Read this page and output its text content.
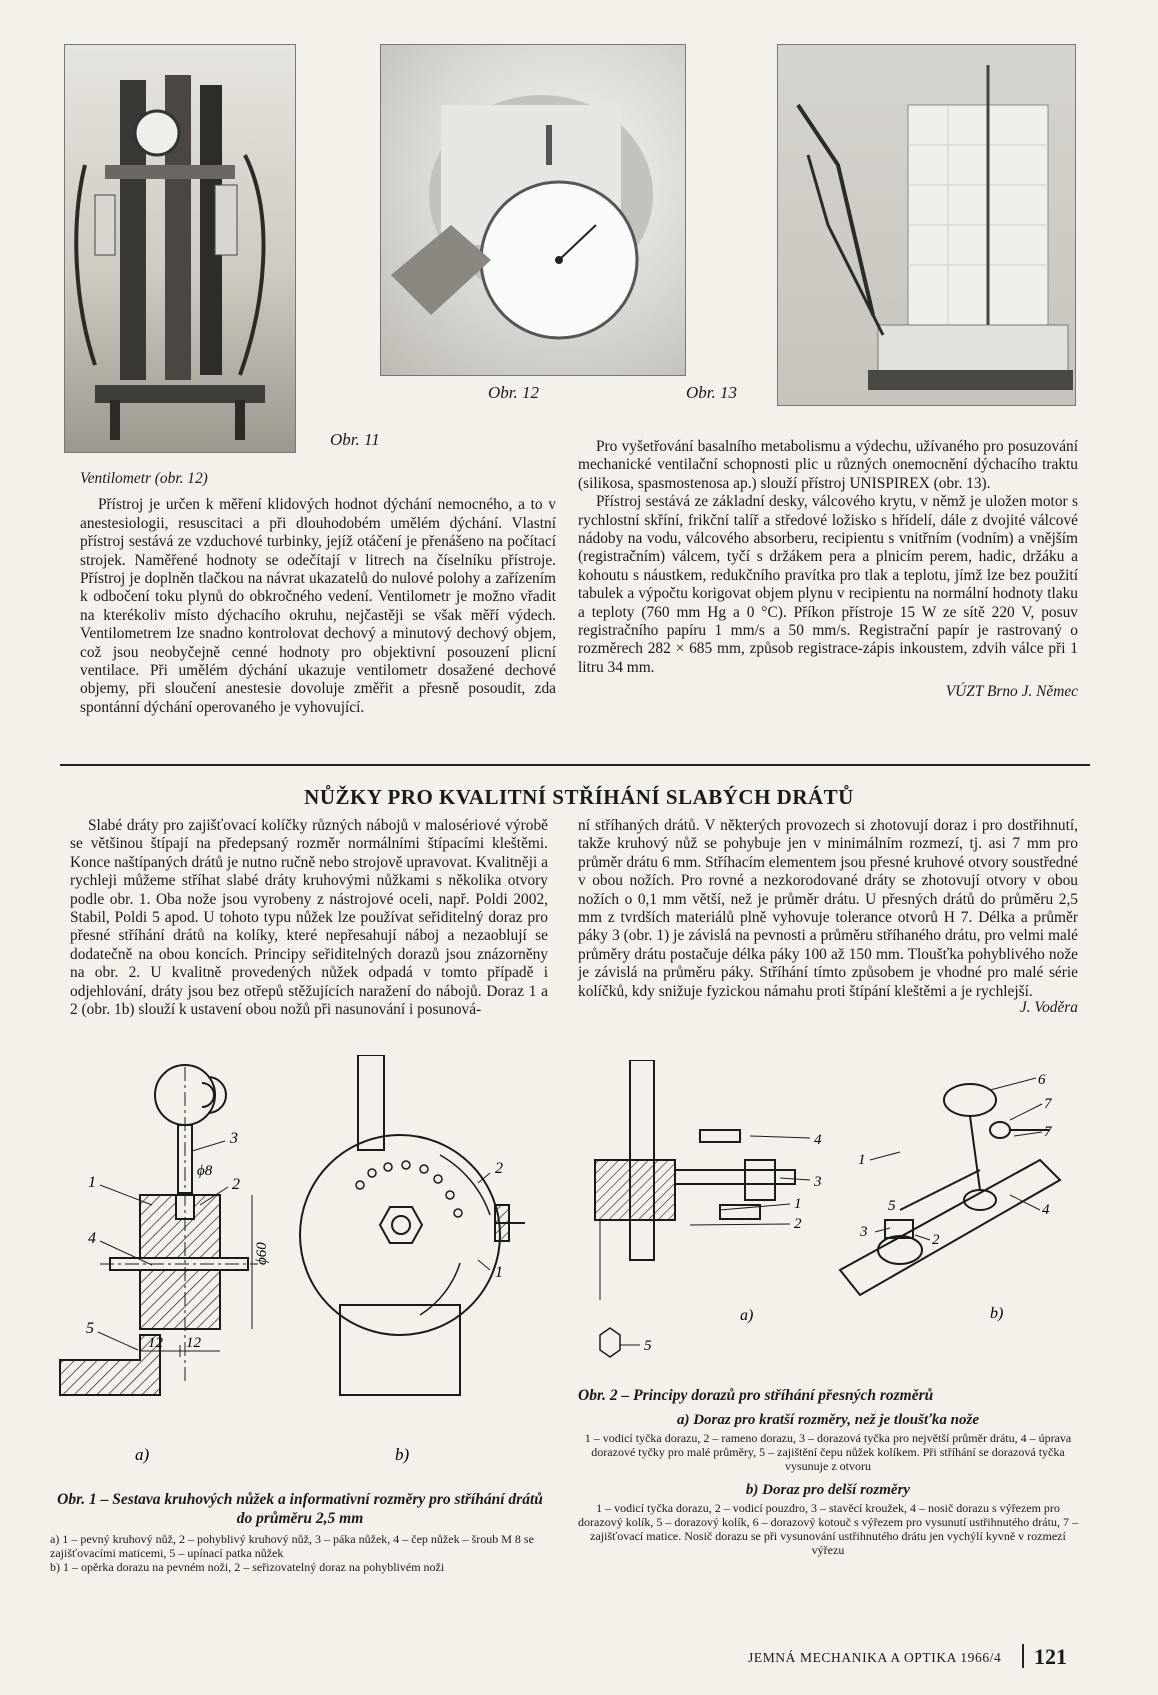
Obr. 11
Obr. 12	Obr. 13

Ventilometr (obr. 12)

Přístroj je určen k měření klidových hodnot dýchání nemocného, a to v anestesiologii, resuscitaci a při dlouhodobém umělém dýchání. Vlastní přístroj sestává ze vzduchové turbinky, jejíž otáčení je přenášeno na počítací strojek. Naměřené hodnoty se odečítají v litrech na číselníku přístroje. Přístroj je doplněn tlačkou na návrat ukazatelů do nulové polohy a zařízením k odbočení toku plynů do obkročného vedení. Ventilometr je možno vřadit na kterékoliv místo dýchacího okruhu, nejčastěji se však měří výdech. Ventilometrem lze snadno kontrolovat dechový a minutový dechový objem, což jsou neobyčejně cenné hodnoty pro objektivní posouzení plicní ventilace. Při umělém dýchání ukazuje ventilometr dosažené dechové objemy, při sloučení anestesie dovoluje změřit a přesně posoudit, zda spontánní dýchání operovaného je vyhovující.

Pro vyšetřování basalního metabolismu a výdechu, užívaného pro posuzování mechanické ventilační schopnosti plic u různých onemocnění dýchacího traktu (silikosa, spasmostenosa ap.) slouží přístroj UNISPIREX (obr. 13).

Přístroj sestává ze základní desky, válcového krytu, v němž je uložen motor s rychlostní skříní, frikční talíř a středové ložisko s hřídelí, dále z dvojité válcové nádoby na vodu, válcového absorberu, recipientu s vnitřním (vodním) a vnějším (registračním) válcem, tyčí s držákem pera a plnicím perem, hadic, držáku a kohoutu s náustkem, redukčního pravítka pro tlak a teplotu, jímž lze bez použití tabulek a výpočtu korigovat objem plynu v recipientu na normální hodnoty tlaku a teploty (760 mm Hg a 0 °C). Příkon přístroje 15 W ze sítě 220 V, posuv registračního papíru 1 mm/s a 50 mm/s. Registrační papír je rastrovaný o rozměrech 282 × 685 mm, způsob registrace-zápis inkoustem, zdvih válce při 1 litru 34 mm.

VÚZT Brno J. Němec
NŮŽKY PRO KVALITNÍ STŘÍHÁNÍ SLABÝCH DRÁTŮ

Slabé dráty pro zajišťovací kolíčky různých nábojů v malosériové výrobě se většinou štípají na předepsaný rozměr normálními štípacími kleštěmi. Konce naštípaných drátů je nutno ručně nebo strojově upravovat. Kvalitněji a rychleji můžeme stříhat slabé dráty kruhovými nůžkami s několika otvory podle obr. 1. Oba nože jsou vyrobeny z nástrojové oceli, např. Poldi 2002, Stabil, Poldi 5 apod. U tohoto typu nůžek lze používat seřiditelný doraz pro přesné stříhání drátů na kolíky, které nepřesahují náboj a nezaoblují se dodatečně na obou koncích. Principy seřiditelných dorazů jsou znázorněny na obr. 2. U kvalitně provedených nůžek odpadá v tomto případě i odjehlování, dráty jsou bez otřepů stěžujících naražení do nábojů. Doraz 1 a 2 (obr. 1b) slouží k ustavení obou nožů při nasunování i posunová-

ní stříhaných drátů. V některých provozech si zhotovují doraz i pro dostřihnutí, takže kruhový nůž se pohybuje jen v minimálním rozmezí, tj. asi 7 mm pro průměr drátu 6 mm. Stříhacím elementem jsou přesné kruhové otvory soustředné v obou nožích. Pro rovné a nezkorodované dráty se zhotovují otvory v obou nožích o 0,1 mm větší, než je průměr drátu. U přesných drátů do průměru 2,5 mm z tvrdších materiálů plně vyhovuje tolerance otvorů H 7. Délka a průměr páky 3 (obr. 1) je závislá na pevnosti a průměru stříhaného drátu, pro velmi malé průměry drátu postačuje délka páky 100 až 150 mm. Tloušťka pohyblivého nože je závislá na průměru páky. Stříhání tímto způsobem je vhodné pro malé série kolíčků, kdy snižuje fyzickou námahu proti štípání kleštěmi a je rychlejší.

J. Voděra
1	2
3
4
5
ϕ8
ϕ60
12 12
a)
2
1
b)
3
4
1
2
5
a)
6
7
7
4
3	2
1
5
b)
Obr. 1 – Sestava kruhových nůžek a informativní rozměry pro stříhání drátů do průměru 2,5 mm
a) 1 – pevný kruhový nůž, 2 – pohyblivý kruhový nůž, 3 – páka nůžek, 4 – čep nůžek – šroub M 8 se zajišťovacími maticemi, 5 – upínací patka nůžek
b) 1 – opěrka dorazu na pevném noži, 2 – seřizovatelný doraz na pohyblivém noži
Obr. 2 – Principy dorazů pro stříhání přesných rozměrů
a) Doraz pro kratší rozměry, než je tloušťka nože
1 – vodicí tyčka dorazu, 2 – rameno dorazu, 3 – dorazová tyčka pro největší průměr drátu, 4 – úprava dorazové tyčky pro malé průměry, 5 – zajištění čepu nůžek kolíkem. Při stříhání se dorazová tyčka vysunuje z otvoru
b) Doraz pro delší rozměry
1 – vodicí tyčka dorazu, 2 – vodicí pouzdro, 3 – stavěcí kroužek, 4 – nosič dorazu s výřezem pro dorazový kolík, 5 – dorazový kolík, 6 – dorazový kotouč s výřezem pro vysunutí ustřihnutého drátu, 7 – zajišťovací matice. Nosič dorazu se při vysunování ustřihnutého drátu jen vychýlí kyvně v rozmezí výřezu
JEMNÁ MECHANIKA A OPTIKA 1966/4 121
